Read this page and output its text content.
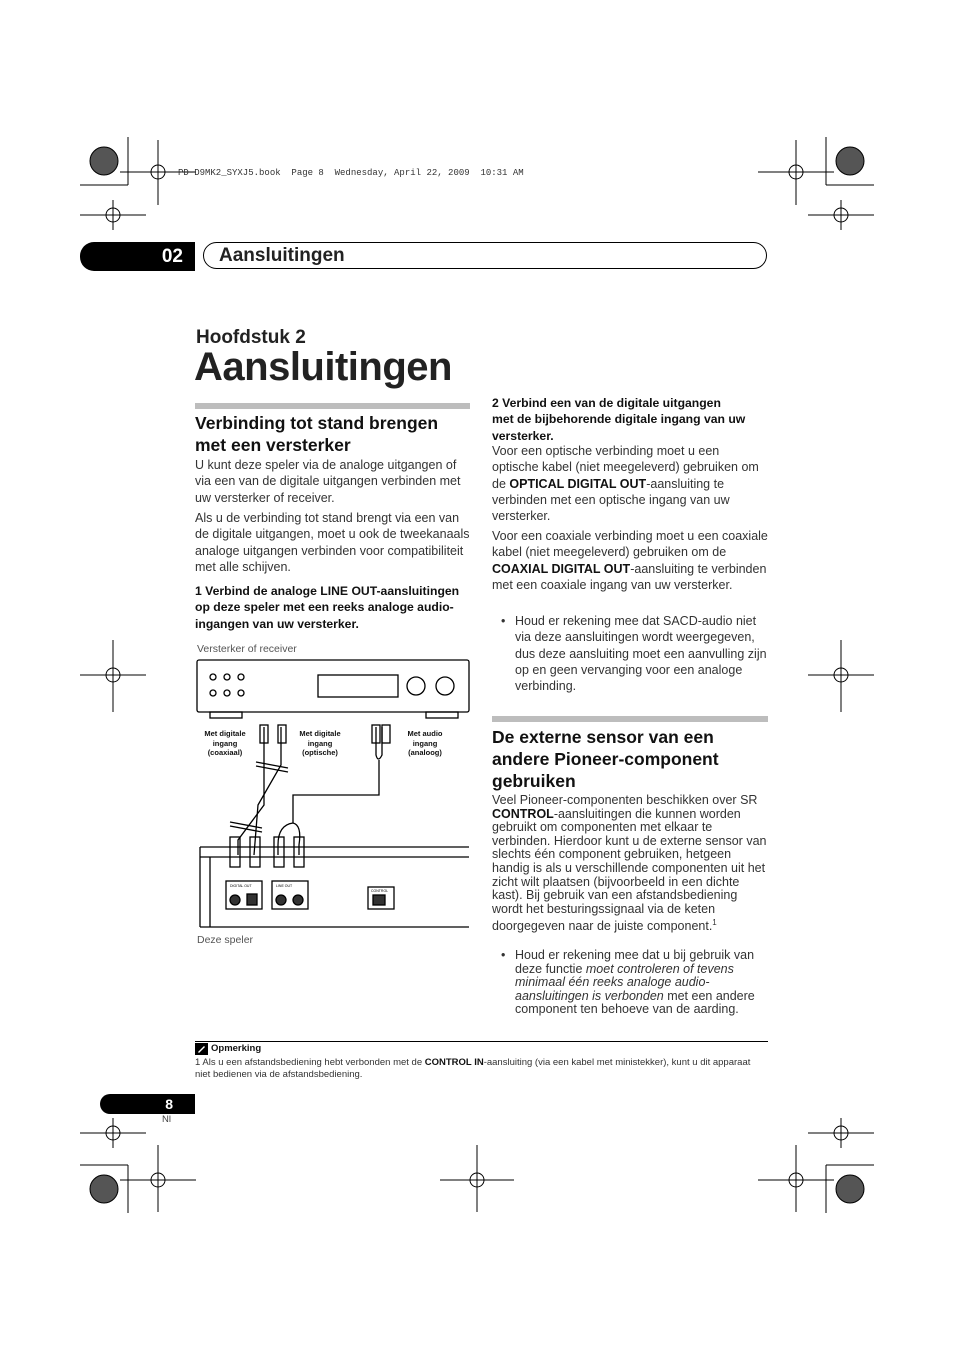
PD-D9MK2_SYXJ5.book  Page 8  Wednesday, April 22, 2009  10:31 AM
02	Aansluitingen
Hoofdstuk 2
Aansluitingen
Verbinding tot stand brengen
met een versterker
U kunt deze speler via de analoge uitgangen of via een van de digitale uitgangen verbinden met uw versterker of receiver.
Als u de verbinding tot stand brengt via een van de digitale uitgangen, moet u ook de tweekanaals analoge uitgangen verbinden voor compatibiliteit met alle schijven.
1 Verbind de analoge LINE OUT-aansluitingen op deze speler met een reeks analoge audio-ingangen van uw versterker.
Versterker of receiver
DIGITAL OUT	LINE OUT
CONTROL
Met digitale ingang (coaxiaal)
Met digitale ingang (optische)
Met audio ingang (analoog)
Deze speler
2 Verbind een van de digitale uitgangen
met de bijbehorende digitale ingang van uw
versterker.
Voor een optische verbinding moet u een optische kabel (niet meegeleverd) gebruiken om de OPTICAL DIGITAL OUT-aansluiting te verbinden met een optische ingang van uw versterker.
Voor een coaxiale verbinding moet u een coaxiale kabel (niet meegeleverd) gebruiken om de COAXIAL DIGITAL OUT-aansluiting te verbinden met een coaxiale ingang van uw versterker.
• Houd er rekening mee dat SACD-audio niet via deze aansluitingen wordt weergegeven, dus deze aansluiting moet een aanvulling zijn op en geen vervanging voor een analoge verbinding.
De externe sensor van een
andere Pioneer-component
gebruiken
Veel Pioneer-componenten beschikken over SR CONTROL-aansluitingen die kunnen worden gebruikt om componenten met elkaar te verbinden. Hierdoor kunt u de externe sensor van slechts één component gebruiken, hetgeen handig is als u verschillende componenten uit het zicht wilt plaatsen (bijvoorbeeld in een dichte kast). Bij gebruik van een afstandsbediening wordt het besturingssignaal via de keten doorgegeven naar de juiste component.$^1$
• Houd er rekening mee dat u bij gebruik van deze functie moet controleren of tevens minimaal één reeks analoge audio-aansluitingen is verbonden met een andere component ten behoeve van de aarding.
Opmerking
1 Als u een afstandsbediening hebt verbonden met de CONTROL IN-aansluiting (via een kabel met ministekker), kunt u dit apparaat niet bedienen via de afstandsbediening.
8
Nl
